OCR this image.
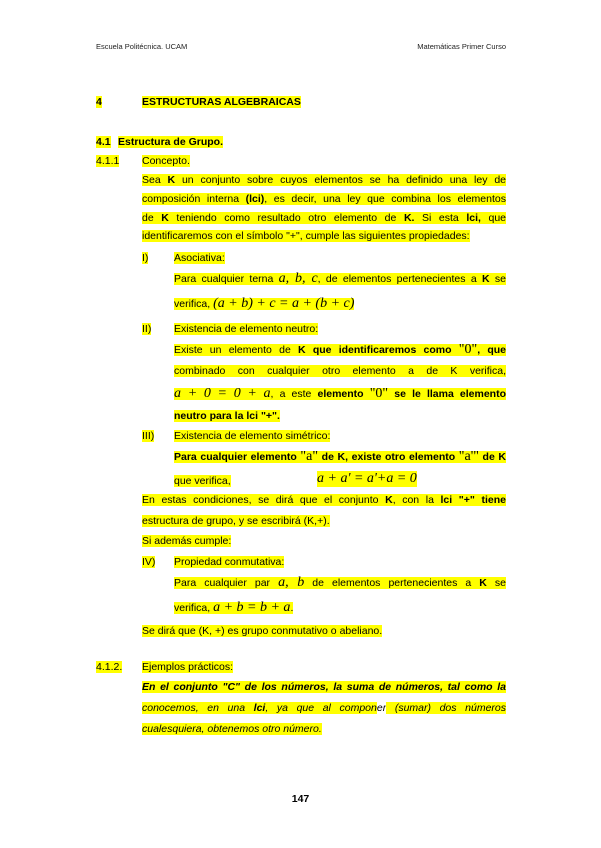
Escuela Politécnica. UCAM	Matemáticas Primer Curso
4	ESTRUCTURAS ALGEBRAICAS
4.1 Estructura de Grupo.
4.1.1 Concepto.
Sea K un conjunto sobre cuyos elementos se ha definido una ley de
composición interna (lci), es decir, una ley que combina los elementos
de K teniendo como resultado otro elemento de K. Si esta lci, que
identificaremos con el símbolo "+", cumple las siguientes propiedades:
I) Asociativa:
Para cualquier terna a, b, c, de elementos pertenecientes a K se
verifica, (a + b) + c = a + (b + c)
II) Existencia de elemento neutro:
Existe un elemento de K que identificaremos como "0", que
combinado con cualquier otro elemento a de K verifica,
a + 0 = 0 + a, a este elemento "0" se le llama elemento
neutro para la lci "+".
III) Existencia de elemento simétrico:
Para cualquier elemento "a" de K, existe otro elemento "a'" de K
que verifica,	a + a' = a'+a = 0
En estas condiciones, se dirá que el conjunto K, con la lci "+" tiene
estructura de grupo, y se escribirá (K,+).
Si además cumple:
IV) Propiedad conmutativa:
Para cualquier par a, b de elementos pertenecientes a K se
verifica, a + b = b + a.
Se dirá que (K, +) es grupo conmutativo o abeliano.
4.1.2. Ejemplos prácticos:
En el conjunto "C" de los números, la suma de números, tal como la
conocemos, en una lci, ya que al componer (sumar) dos números
cualesquiera, obtenemos otro número.
147
